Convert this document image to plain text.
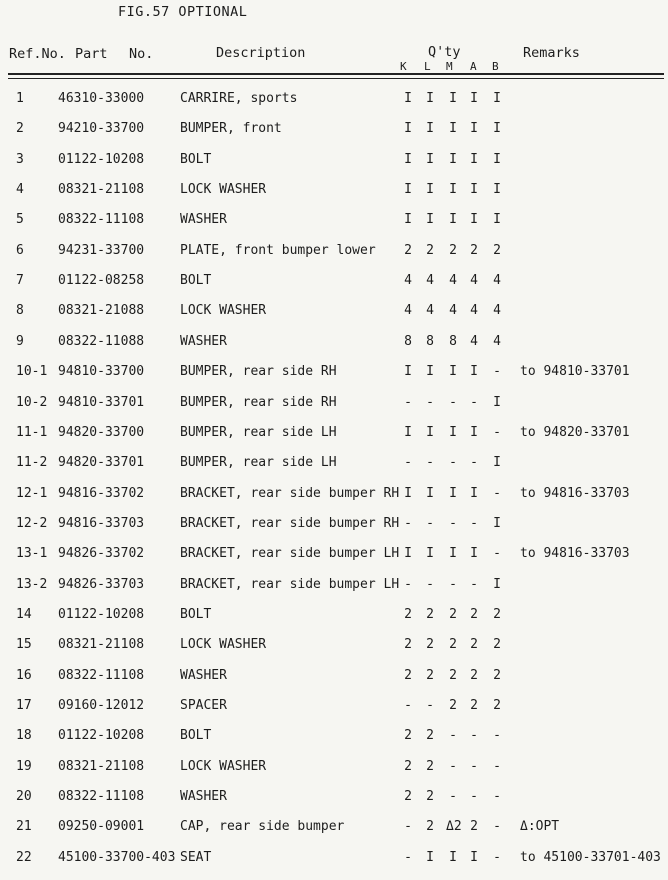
FIG.57 OPTIONAL
Ref.No. Part No.	Description	Q'ty
K L M A B
Remarks
1	46310-33000	CARRIRE, sports	I I I I I
2	94210-33700	BUMPER, front	I I I I I
3	01122-10208	BOLT	I I I I I
4	08321-21108	LOCK WASHER	I I I I I
5	08322-11108	WASHER	I I I I I
6	94231-33700	PLATE, front bumper lower 2 2 2 2 2
7	01122-08258	BOLT	4 4 4 4 4
8	08321-21088	LOCK WASHER	4 4 4 4 4
9	08322-11088	WASHER	8 8 8 4 4
10-1 94810-33700	BUMPER, rear side RH	I I I I - to 94810-33701
10-2 94810-33701	BUMPER, rear side RH	- - - - I
11-1 94820-33700	BUMPER, rear side LH	I I I I - to 94820-33701
11-2 94820-33701	BUMPER, rear side LH	- - - - I
12-1 94816-33702	BRACKET, rear side bumper RH I I I I - to 94816-33703
12-2 94816-33703	BRACKET, rear side bumper RH - - - - I
13-1 94826-33702	BRACKET, rear side bumper LH I I I I - to 94816-33703
13-2 94826-33703	BRACKET, rear side bumper LH - - - - I
14 01122-10208	BOLT	2 2 2 2 2
15 08321-21108	LOCK WASHER	2 2 2 2 2
16 08322-11108	WASHER	2 2 2 2 2
17 09160-12012	SPACER	- - 2 2 2
18 01122-10208	BOLT	2 2 - - -
19 08321-21108	LOCK WASHER	2 2 - - -
20 08322-11108	WASHER	2 2 - - -
21 09250-09001	CAP, rear side bumper	- 2 Δ2 2 - Δ:OPT
22 45100-33700-403 SEAT	- I I I - to 45100-33701-403
